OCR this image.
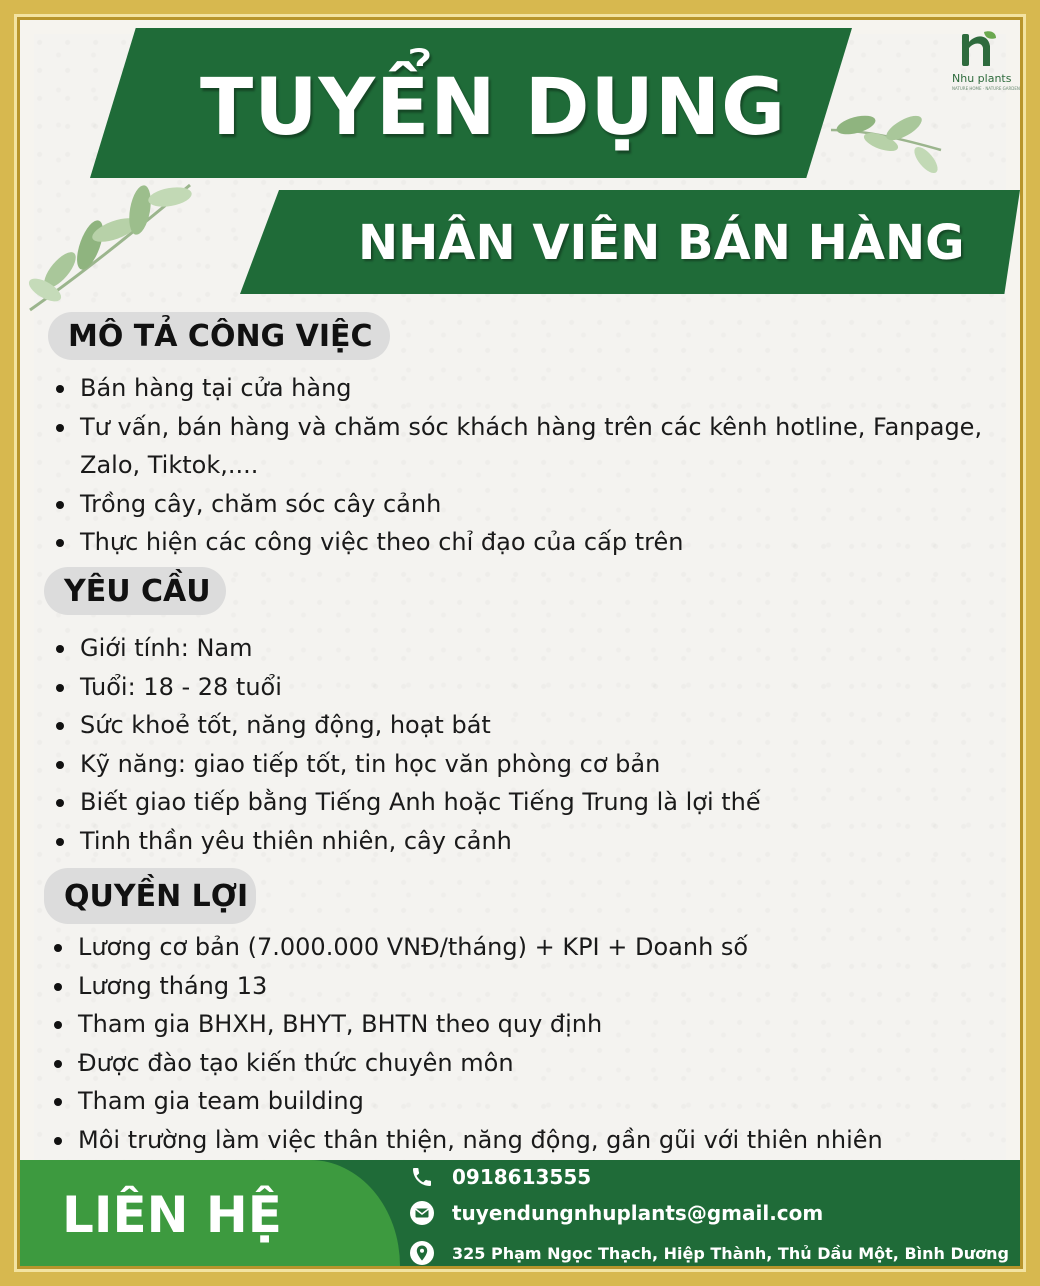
TUYỂN DỤNG
NHÂN VIÊN BÁN HÀNG
Nhu plants
NATURE HOME · NATURE GARDEN
MÔ TẢ CÔNG VIỆC
Bán hàng tại cửa hàng
Tư vấn, bán hàng và chăm sóc khách hàng trên các kênh hotline, Fanpage,
Zalo, Tiktok,....
Trồng cây, chăm sóc cây cảnh
Thực hiện các công việc theo chỉ đạo của cấp trên
YÊU CẦU
Giới tính: Nam
Tuổi: 18 - 28 tuổi
Sức khoẻ tốt, năng động, hoạt bát
Kỹ năng: giao tiếp tốt, tin học văn phòng cơ bản
Biết giao tiếp bằng Tiếng Anh hoặc Tiếng Trung là lợi thế
Tinh thần yêu thiên nhiên, cây cảnh
QUYỀN LỢI
Lương cơ bản (7.000.000 VNĐ/tháng) + KPI + Doanh số
Lương tháng 13
Tham gia BHXH, BHYT, BHTN theo quy định
Được đào tạo kiến thức chuyên môn
Tham gia team building
Môi trường làm việc thân thiện, năng động, gần gũi với thiên nhiên
LIÊN HỆ
0918613555
tuyendungnhuplants@gmail.com
325 Phạm Ngọc Thạch, Hiệp Thành, Thủ Dầu Một, Bình Dương
